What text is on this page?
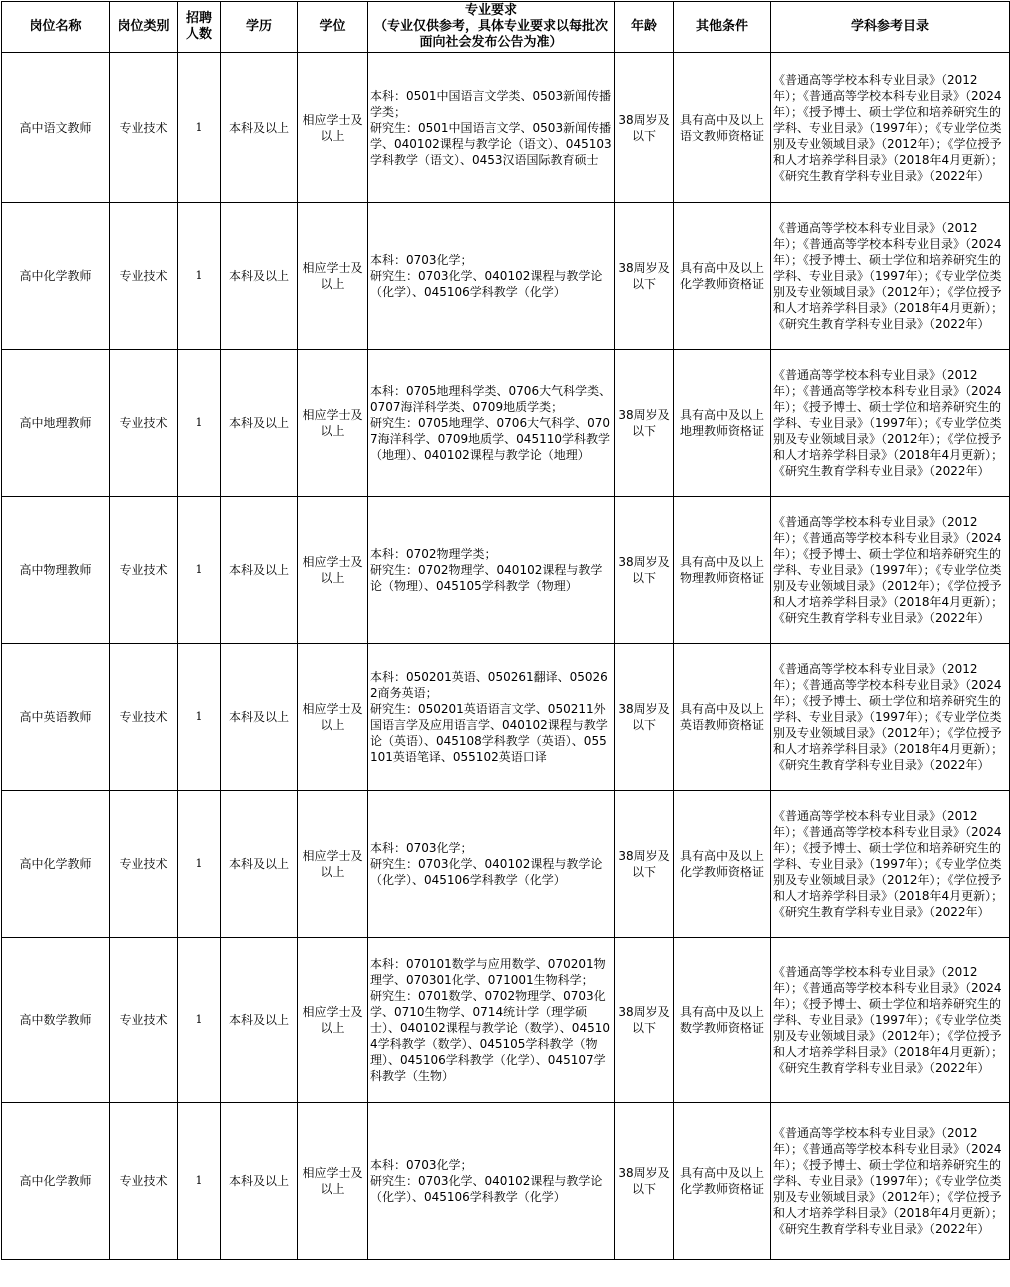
岗位名称	岗位类别	招聘人数	学历	学位	专业要求
（专业仅供参考，具体专业要求以每批次面向社会发布公告为准）	年龄	其他条件	学科参考目录
高中语文教师	专业技术	1	本科及以上	相应学士及以上	本科：0501中国语言文学类、0503新闻传播学类；
研究生：0501中国语言文学、0503新闻传播学、040102课程与教学论（语文）、045103学科教学（语文）、0453汉语国际教育硕士	38周岁及以下	具有高中及以上语文教师资格证	《普通高等学校本科专业目录》（2012年）；《普通高等学校本科专业目录》（2024年）；《授予博士、硕士学位和培养研究生的学科、专业目录》（1997年）；《专业学位类别及专业领域目录》（2012年）；《学位授予和人才培养学科目录》（2018年4月更新）；《研究生教育学科专业目录》（2022年）
高中化学教师	专业技术	1	本科及以上	相应学士及以上	本科：0703化学；
研究生：0703化学、040102课程与教学论（化学）、045106学科教学（化学）	38周岁及以下	具有高中及以上化学教师资格证	《普通高等学校本科专业目录》（2012年）；《普通高等学校本科专业目录》（2024年）；《授予博士、硕士学位和培养研究生的学科、专业目录》（1997年）；《专业学位类别及专业领域目录》（2012年）；《学位授予和人才培养学科目录》（2018年4月更新）；《研究生教育学科专业目录》（2022年）
高中地理教师	专业技术	1	本科及以上	相应学士及以上	本科：0705地理科学类、0706大气科学类、0707海洋科学类、0709地质学类；
研究生：0705地理学、0706大气科学、0707海洋科学、0709地质学、045110学科教学（地理）、040102课程与教学论（地理）	38周岁及以下	具有高中及以上地理教师资格证	《普通高等学校本科专业目录》（2012年）；《普通高等学校本科专业目录》（2024年）；《授予博士、硕士学位和培养研究生的学科、专业目录》（1997年）；《专业学位类别及专业领域目录》（2012年）；《学位授予和人才培养学科目录》（2018年4月更新）；《研究生教育学科专业目录》（2022年）
高中物理教师	专业技术	1	本科及以上	相应学士及以上	本科：0702物理学类；
研究生：0702物理学、040102课程与教学论（物理）、045105学科教学（物理）	38周岁及以下	具有高中及以上物理教师资格证	《普通高等学校本科专业目录》（2012年）；《普通高等学校本科专业目录》（2024年）；《授予博士、硕士学位和培养研究生的学科、专业目录》（1997年）；《专业学位类别及专业领域目录》（2012年）；《学位授予和人才培养学科目录》（2018年4月更新）；《研究生教育学科专业目录》（2022年）
高中英语教师	专业技术	1	本科及以上	相应学士及以上	本科：050201英语、050261翻译、050262商务英语；
研究生：050201英语语言文学、050211外国语言学及应用语言学、040102课程与教学论（英语）、045108学科教学（英语）、055101英语笔译、055102英语口译	38周岁及以下	具有高中及以上英语教师资格证	《普通高等学校本科专业目录》（2012年）；《普通高等学校本科专业目录》（2024年）；《授予博士、硕士学位和培养研究生的学科、专业目录》（1997年）；《专业学位类别及专业领域目录》（2012年）；《学位授予和人才培养学科目录》（2018年4月更新）；《研究生教育学科专业目录》（2022年）
高中化学教师	专业技术	1	本科及以上	相应学士及以上	本科：0703化学；
研究生：0703化学、040102课程与教学论（化学）、045106学科教学（化学）	38周岁及以下	具有高中及以上化学教师资格证	《普通高等学校本科专业目录》（2012年）；《普通高等学校本科专业目录》（2024年）；《授予博士、硕士学位和培养研究生的学科、专业目录》（1997年）；《专业学位类别及专业领域目录》（2012年）；《学位授予和人才培养学科目录》（2018年4月更新）；《研究生教育学科专业目录》（2022年）
高中数学教师	专业技术	1	本科及以上	相应学士及以上	本科：070101数学与应用数学、070201物理学、070301化学、071001生物科学；
研究生：0701数学、0702物理学、0703化学、0710生物学、0714统计学（理学硕士）、040102课程与教学论（数学）、045104学科教学（数学）、045105学科教学（物理）、045106学科教学（化学）、045107学科教学（生物）	38周岁及以下	具有高中及以上数学教师资格证	《普通高等学校本科专业目录》（2012年）；《普通高等学校本科专业目录》（2024年）；《授予博士、硕士学位和培养研究生的学科、专业目录》（1997年）；《专业学位类别及专业领域目录》（2012年）；《学位授予和人才培养学科目录》（2018年4月更新）；《研究生教育学科专业目录》（2022年）
高中化学教师	专业技术	1	本科及以上	相应学士及以上	本科：0703化学；
研究生：0703化学、040102课程与教学论（化学）、045106学科教学（化学）	38周岁及以下	具有高中及以上化学教师资格证	《普通高等学校本科专业目录》（2012年）；《普通高等学校本科专业目录》（2024年）；《授予博士、硕士学位和培养研究生的学科、专业目录》（1997年）；《专业学位类别及专业领域目录》（2012年）；《学位授予和人才培养学科目录》（2018年4月更新）；《研究生教育学科专业目录》（2022年）
